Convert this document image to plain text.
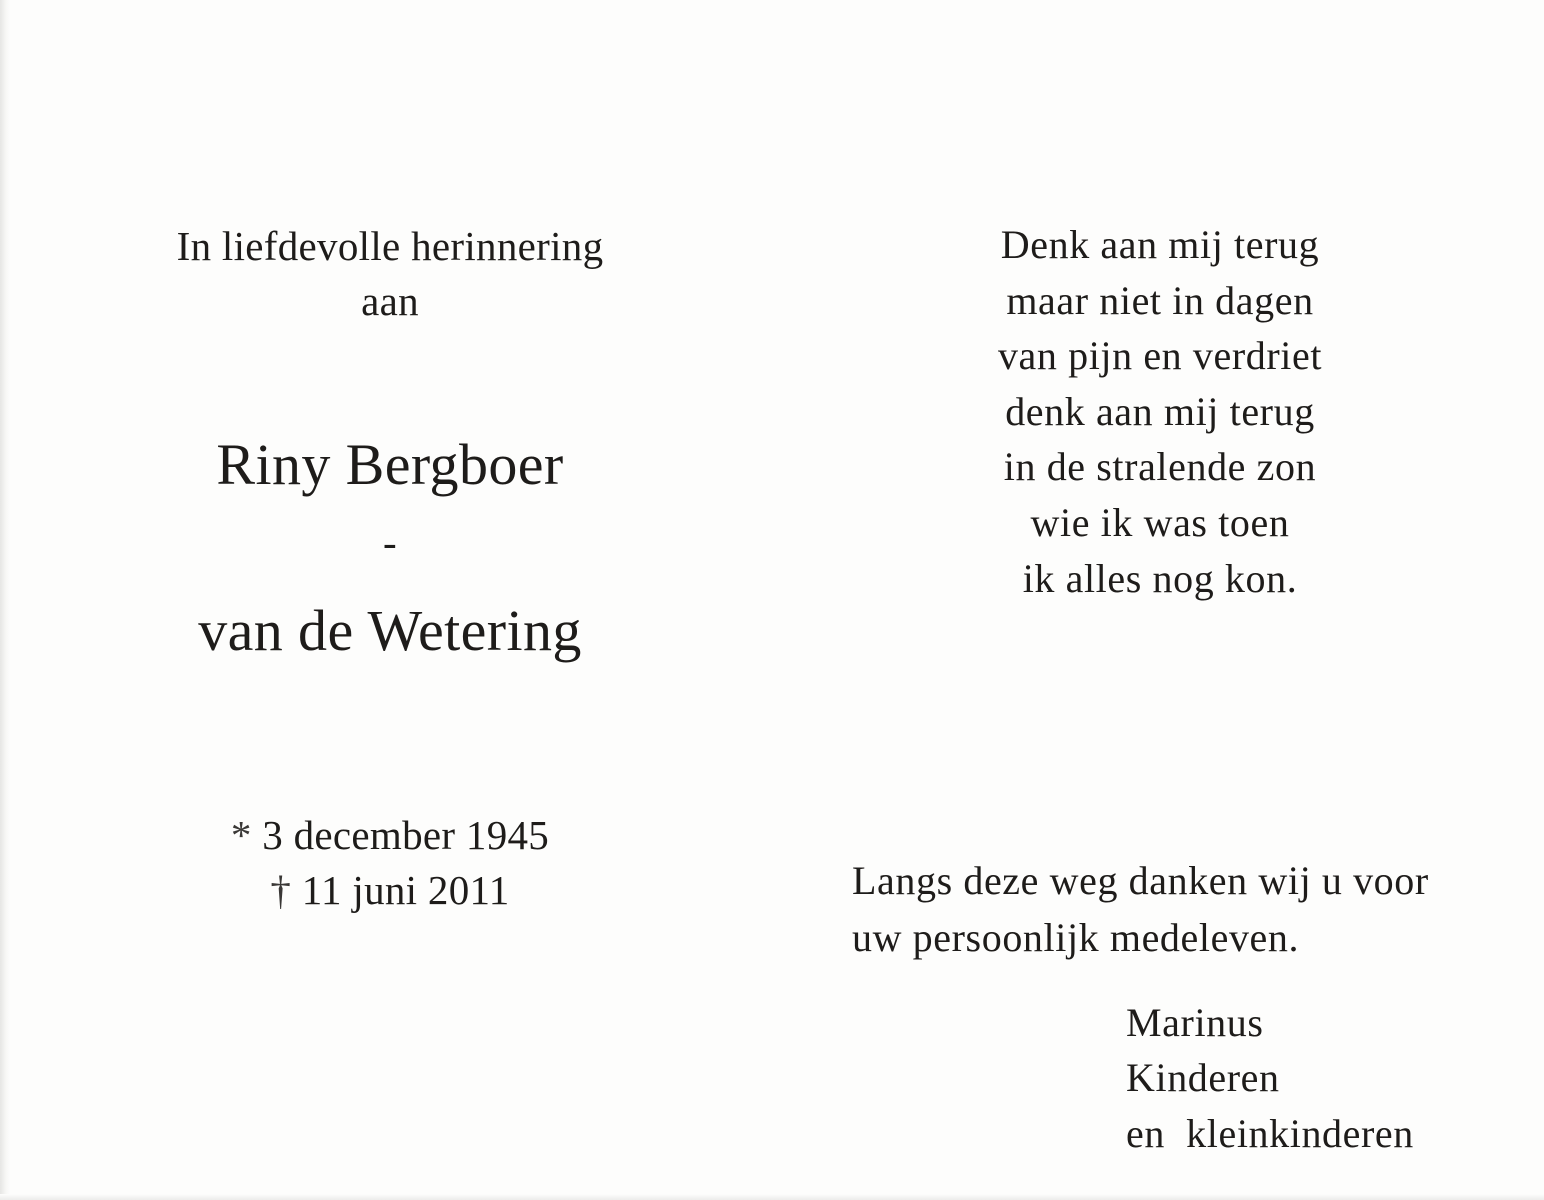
In liefdevolle herinnering
aan
Riny Bergboer
-
van de Wetering
* 3 december 1945
† 11 juni 2011
Denk aan mij terug
maar niet in dagen
van pijn en verdriet
denk aan mij terug
in de stralende zon
wie ik was toen
ik alles nog kon.
Langs deze weg danken wij u voor
uw persoonlijk medeleven.
Marinus
Kinderen
en  kleinkinderen
